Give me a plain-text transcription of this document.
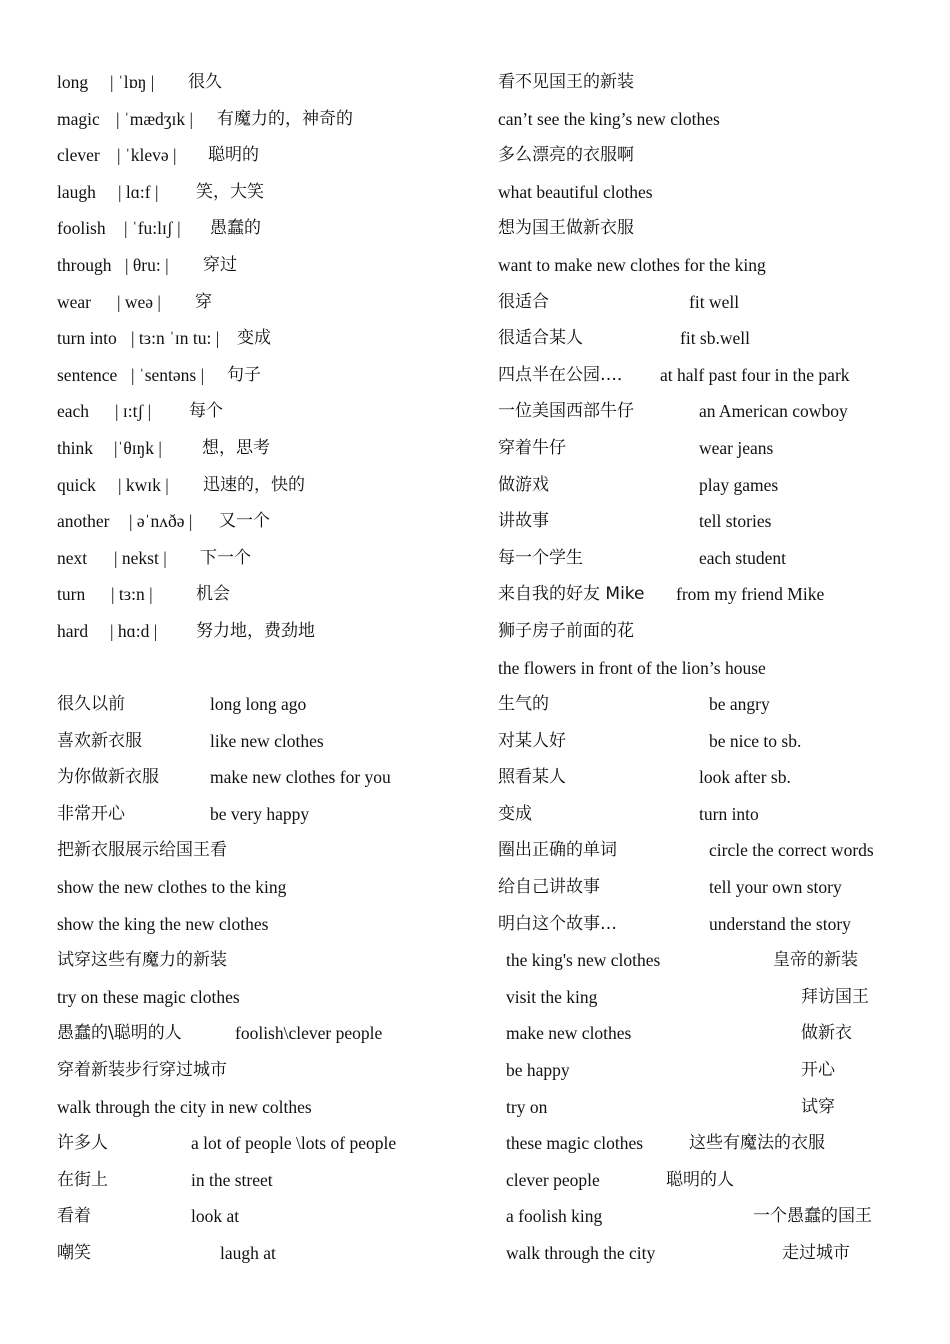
long | ˈlɒŋ | 很久
magic | ˈmædʒɪk | 有魔力的，神奇的
clever | ˈklevə | 聪明的
laugh | lɑ:f | 笑，大笑
foolish | ˈfu:lɪʃ | 愚蠢的
through | θru: | 穿过
wear | weə | 穿
turn into | tɜ:n ˈɪn tu: | 变成
sentence | ˈsentəns | 句子
each | ɪ:tʃ | 每个
think |ˈθɪŋk | 想，思考
quick | kwɪk | 迅速的，快的
another | əˈnʌðə | 又一个
next | nekst | 下一个
turn | tɜ:n |	机会
hard | hɑ:d | 努力地，费劲地
很久以前	long long ago
喜欢新衣服	like new clothes
为你做新衣服	make new clothes for you
非常开心	be very happy
把新衣服展示给国王看
show the new clothes to the king
show the king the new clothes
试穿这些有魔力的新装
try on these magic clothes
愚蠢的\聪明的人	foolish\clever people
穿着新装步行穿过城市
walk through the city in new colthes
许多人	a lot of people \lots of people
在街上	in the street
看着	look at
嘲笑	laugh at
看不见国王的新装
can’t see the king’s new clothes
多么漂亮的衣服啊
what beautiful clothes
想为国王做新衣服
want to make new clothes for the king
很适合	fit well
很适合某人	fit sb.well
四点半在公园…． at half past four in the park
一位美国西部牛仔	an American cowboy
穿着牛仔	wear jeans
做游戏	play games
讲故事	tell stories
每一个学生	each student
来自我的好友 Mike from my friend Mike
狮子房子前面的花
the flowers in front of the lion’s house
生气的	be angry
对某人好	be nice to sb.
照看某人	look after sb.
变成	turn into
圈出正确的单词	circle the correct words
给自己讲故事	tell your own story
明白这个故事…	understand the story
the king's new clothes	皇帝的新装
visit the king	拜访国王
make new clothes	做新衣
be happy	开心
try on	试穿
these magic clothes	这些有魔法的衣服
clever people	聪明的人
a foolish king	一个愚蠢的国王
walk through the city	走过城市
